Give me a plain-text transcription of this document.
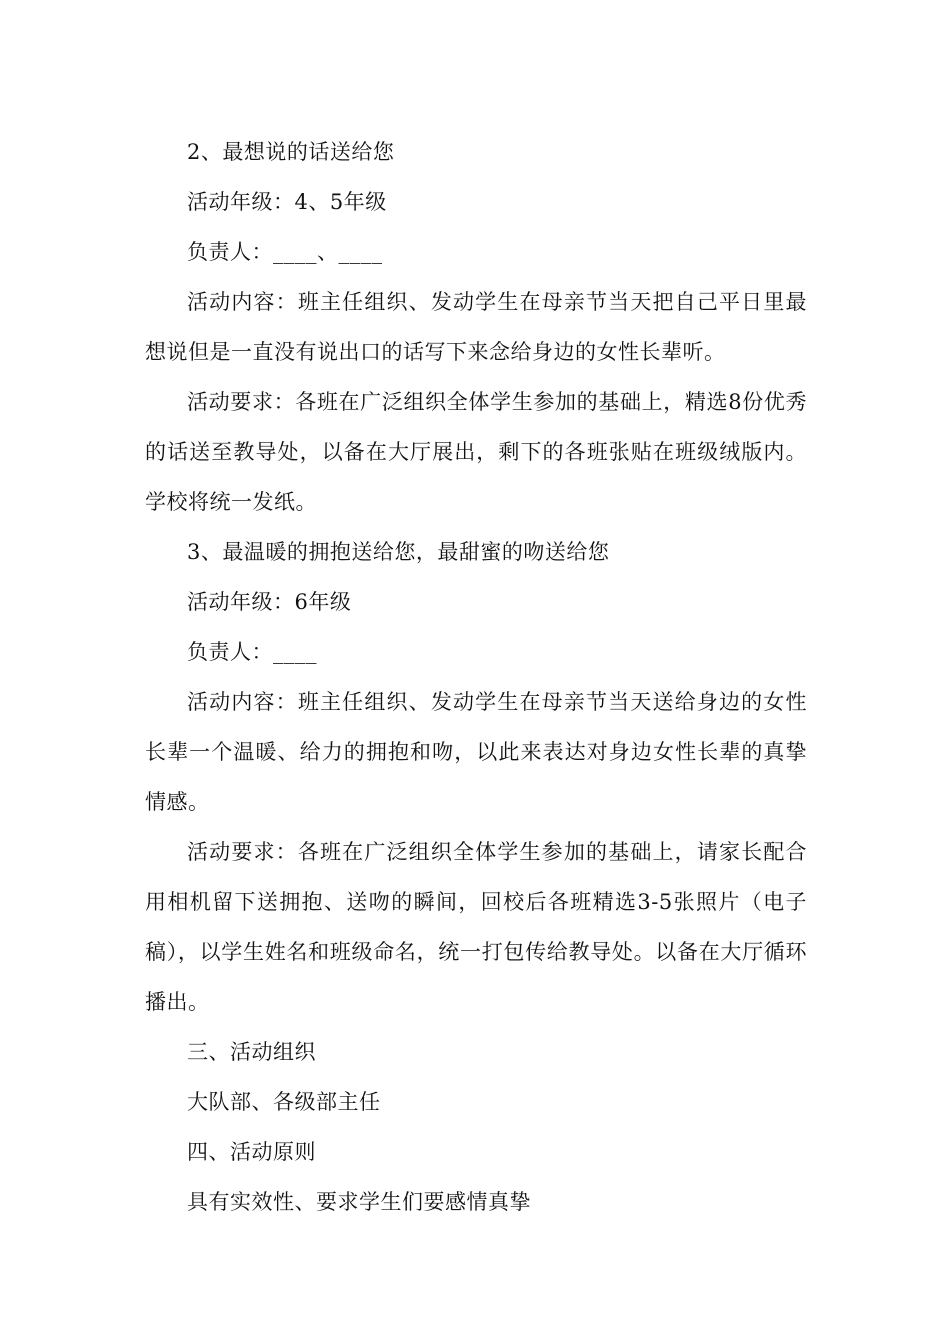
2、最想说的话送给您

活动年级：4、5年级

负责人：____、____

活动内容：班主任组织、发动学生在母亲节当天把自己平日里最想说但是一直没有说出口的话写下来念给身边的女性长辈听。

活动要求：各班在广泛组织全体学生参加的基础上，精选8份优秀的话送至教导处，以备在大厅展出，剩下的各班张贴在班级绒版内。学校将统一发纸。

3、最温暖的拥抱送给您，最甜蜜的吻送给您

活动年级：6年级

负责人：____

活动内容：班主任组织、发动学生在母亲节当天送给身边的女性长辈一个温暖、给力的拥抱和吻，以此来表达对身边女性长辈的真挚情感。

活动要求：各班在广泛组织全体学生参加的基础上，请家长配合用相机留下送拥抱、送吻的瞬间，回校后各班精选3-5张照片（电子稿），以学生姓名和班级命名，统一打包传给教导处。以备在大厅循环播出。

三、活动组织

大队部、各级部主任

四、活动原则

具有实效性、要求学生们要感情真挚
